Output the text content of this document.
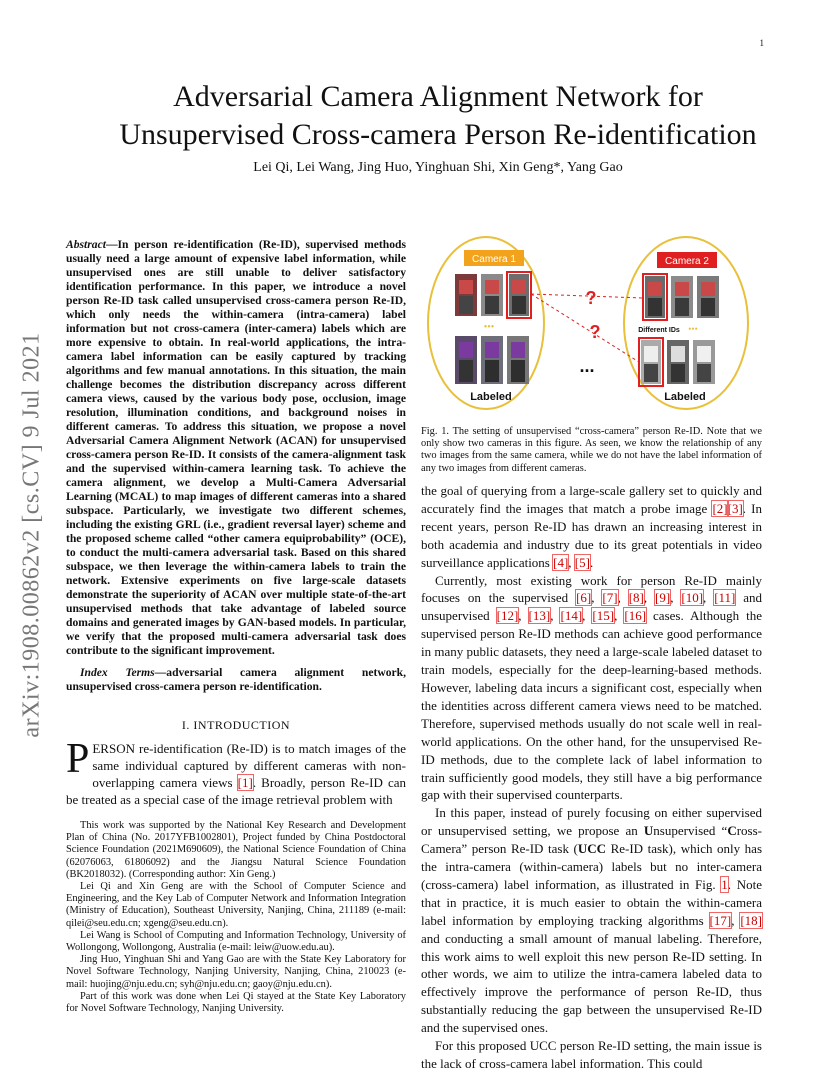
1
arXiv:1908.00862v2 [cs.CV] 9 Jul 2021
Adversarial Camera Alignment Network for
Unsupervised Cross-camera Person Re-identification
Lei Qi, Lei Wang, Jing Huo, Yinghuan Shi, Xin Geng*, Yang Gao

Abstract—In person re-identification (Re-ID), supervised methods usually need a large amount of expensive label information, while unsupervised ones are still unable to deliver satisfactory identification performance. In this paper, we introduce a novel person Re-ID task called unsupervised cross-camera person Re-ID, which only needs the within-camera (intra-camera) label information but not cross-camera (inter-camera) labels which are more expensive to obtain. In real-world applications, the intra-camera label information can be easily captured by tracking algorithms and few manual annotations. In this situation, the main challenge becomes the distribution discrepancy across different camera views, caused by the various body pose, occlusion, image resolution, illumination conditions, and background noises in different cameras. To address this situation, we propose a novel Adversarial Camera Alignment Network (ACAN) for unsupervised cross-camera person Re-ID. It consists of the camera-alignment task and the supervised within-camera learning task. To achieve the camera alignment, we develop a Multi-Camera Adversarial Learning (MCAL) to map images of different cameras into a shared subspace. Particularly, we investigate two different schemes, including the existing GRL (i.e., gradient reversal layer) scheme and the proposed scheme called “other camera equiprobability” (OCE), to conduct the multi-camera adversarial task. Based on this shared subspace, we then leverage the within-camera labels to train the network. Extensive experiments on five large-scale datasets demonstrate the superiority of ACAN over multiple state-of-the-art unsupervised methods that take advantage of labeled source domains and generated images by GAN-based models. In particular, we verify that the proposed multi-camera adversarial task does contribute to the significant improvement.

Index Terms—adversarial camera alignment network, unsupervised cross-camera person re-identification.

I. INTRODUCTION

PERSON re-identification (Re-ID) is to match images of the same individual captured by different cameras with non-overlapping camera views [1]. Broadly, person Re-ID can be treated as a special case of the image retrieval problem with

This work was supported by the National Key Research and Development Plan of China (No. 2017YFB1002801), Project funded by China Postdoctoral Science Foundation (2021M690609), the National Science Foundation of China (62076063, 61806092) and the Jiangsu Natural Science Foundation (BK2018032). (Corresponding author: Xin Geng.)

Lei Qi and Xin Geng are with the School of Computer Science and Engineering, and the Key Lab of Computer Network and Information Integration (Ministry of Education), Southeast University, Nanjing, China, 211189 (e-mail: qilei@seu.edu.cn; xgeng@seu.edu.cn).

Lei Wang is School of Computing and Information Technology, University of Wollongong, Wollongong, Australia (e-mail: leiw@uow.edu.au).

Jing Huo, Yinghuan Shi and Yang Gao are with the State Key Laboratory for Novel Software Technology, Nanjing University, Nanjing, China, 210023 (e-mail: huojing@nju.edu.cn; syh@nju.edu.cn; gaoy@nju.edu.cn).

Part of this work was done when Lei Qi stayed at the State Key Laboratory for Novel Software Technology, Nanjing University.

Camera 1	Camera 2
•••
Labeled
Different IDs •••
Labeled
?
?
...
Fig. 1. The setting of unsupervised “cross-camera” person Re-ID. Note that we only show two cameras in this figure. As seen, we know the relationship of any two images from the same camera, while we do not have the label information of any two images from different cameras.

the goal of querying from a large-scale gallery set to quickly and accurately find the images that match a probe image [2][3]. In recent years, person Re-ID has drawn an increasing interest in both academia and industry due to its great potentials in video surveillance applications [4], [5].

Currently, most existing work for person Re-ID mainly focuses on the supervised [6], [7], [8], [9], [10], [11] and unsupervised [12], [13], [14], [15], [16] cases. Although the supervised person Re-ID methods can achieve good performance in many public datasets, they need a large-scale labeled dataset to train models, especially for the deep-learning-based methods. However, labeling data incurs a significant cost, especially when the identities across different camera views need to be matched. Therefore, supervised methods usually do not scale well in real-world applications. On the other hand, for the unsupervised Re-ID methods, due to the complete lack of label information to train sufficiently good models, they still have a big performance gap with their supervised counterparts.

In this paper, instead of purely focusing on either supervised or unsupervised setting, we propose an Unsupervised “Cross-Camera” person Re-ID task (UCC Re-ID task), which only has the intra-camera (within-camera) labels but no inter-camera (cross-camera) label information, as illustrated in Fig. 1. Note that in practice, it is much easier to obtain the within-camera label information by employing tracking algorithms [17], [18] and conducting a small amount of manual labeling. Therefore, this work aims to well exploit this new person Re-ID setting. In other words, we aim to utilize the intra-camera labeled data to effectively improve the performance of person Re-ID, thus substantially reducing the gap between the unsupervised Re-ID and the supervised ones.

For this proposed UCC person Re-ID setting, the main issue is the lack of cross-camera label information. This could
